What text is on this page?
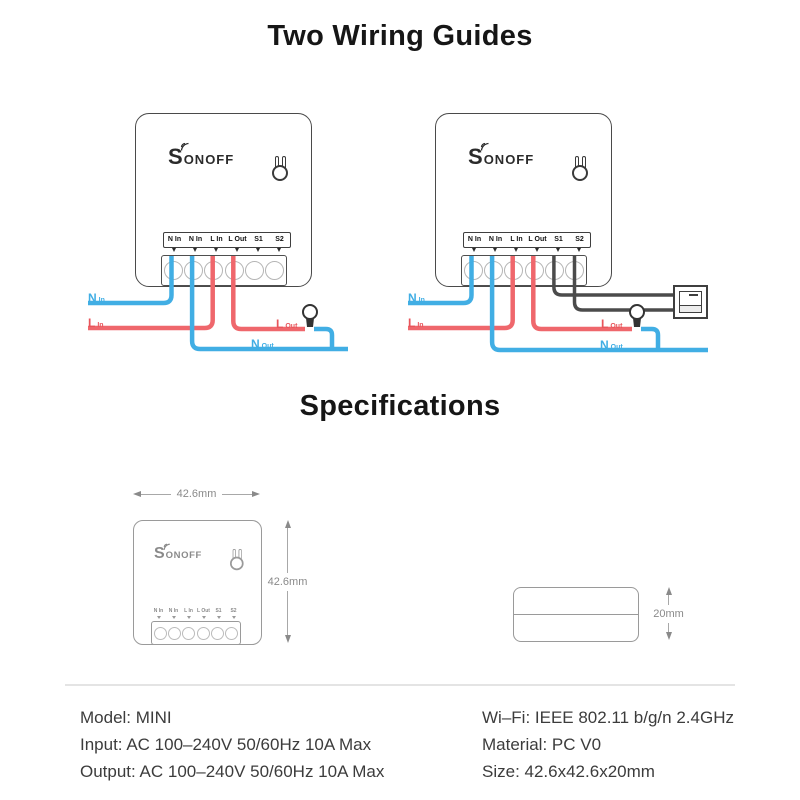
Two Wiring Guides
S ONOFF
N In	N In	L In L Out	S1	S2
N In
L In	L Out
N Out
S ONOFF
N In	N In	L In L Out	S1	S2
N In
L In	L Out
N Out
Specifications
42.6mm
S ONOFF
N In	N In	L In L Out	S1	S2
42.6mm
20mm
Model: MINI
Input: AC 100–240V 50/60Hz 10A Max
Output: AC 100–240V 50/60Hz 10A Max
Wi–Fi: IEEE 802.11 b/g/n 2.4GHz
Material: PC V0
Size: 42.6x42.6x20mm
